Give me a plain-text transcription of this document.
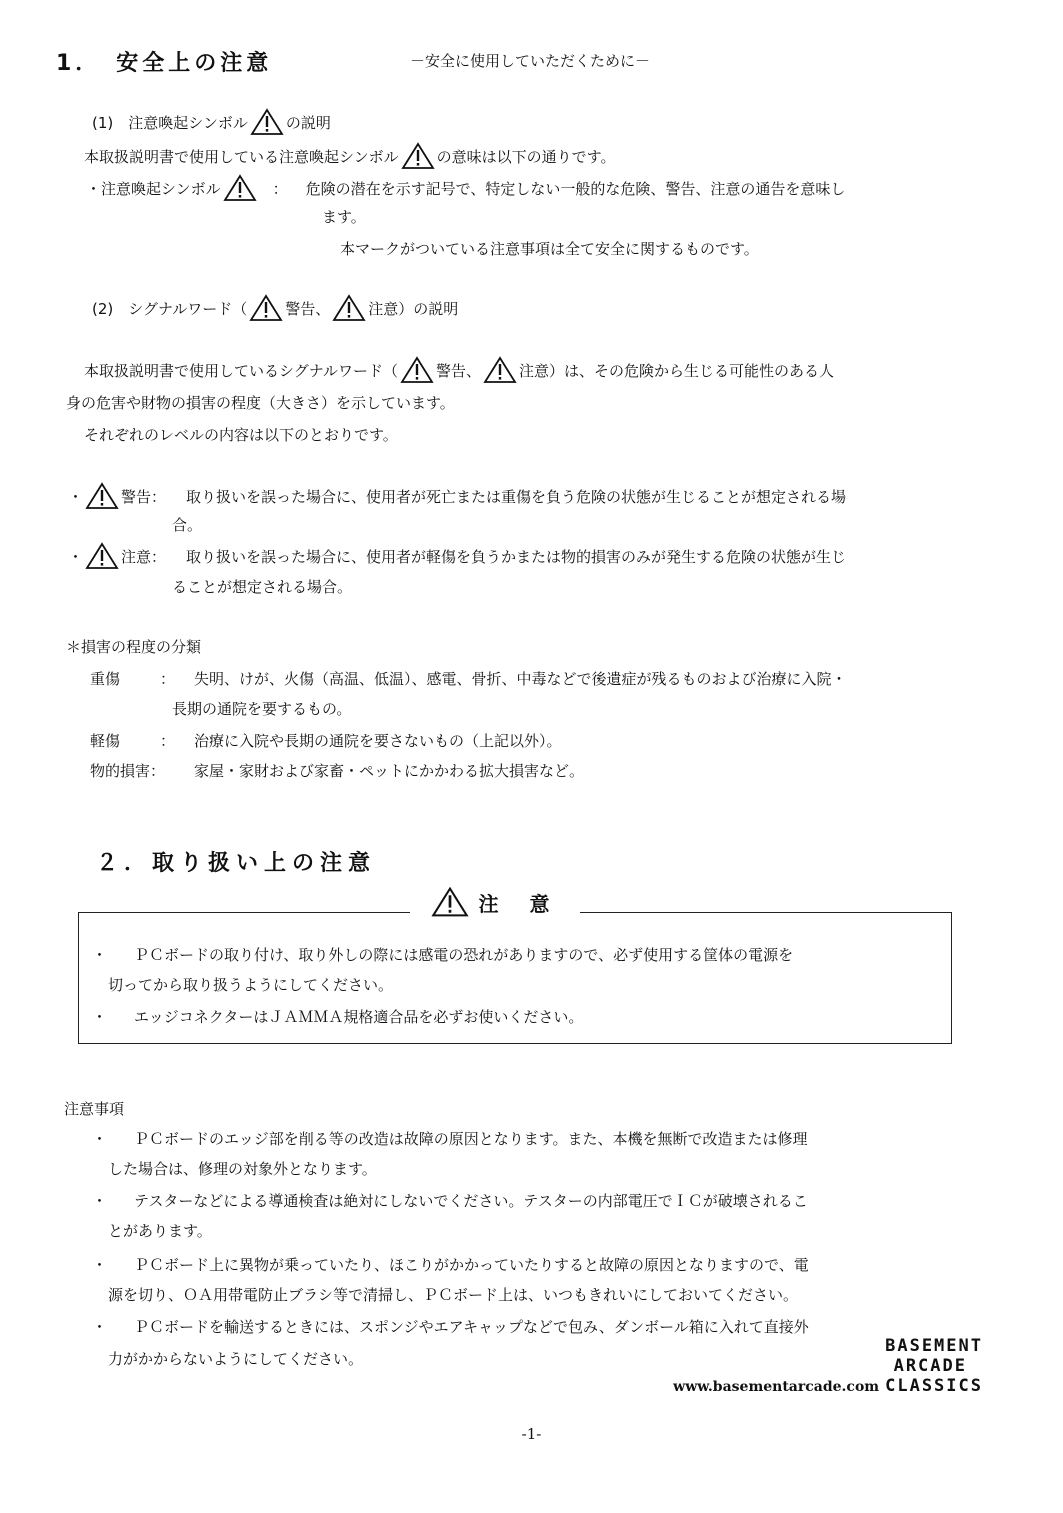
1．　安全上の注意	－安全に使用していただくために－
(1)　注意喚起シンボル	の説明
本取扱説明書で使用している注意喚起シンボル	の意味は以下の通りです。
・注意喚起シンボル	： 危険の潜在を示す記号で、特定しない一般的な危険、警告、注意の通告を意味し
ます。
本マークがついている注意事項は全て安全に関するものです。
(2)　シグナルワード（	警告、	注意）の説明
本取扱説明書で使用しているシグナルワード（	警告、	注意）は、その危険から生じる可能性のある人
身の危害や財物の損害の程度（大きさ）を示しています。
それぞれのレベルの内容は以下のとおりです。
・	警告： 取り扱いを誤った場合に、使用者が死亡または重傷を負う危険の状態が生じることが想定される場
合。
・	注意： 取り扱いを誤った場合に、使用者が軽傷を負うかまたは物的損害のみが発生する危険の状態が生じ
ることが想定される場合。
＊損害の程度の分類
重傷	： 失明、けが、火傷（高温、低温）、感電、骨折、中毒などで後遺症が残るものおよび治療に入院・
長期の通院を要するもの。
軽傷	： 治療に入院や長期の通院を要さないもの（上記以外）。
物的損害： 家屋・家財および家畜・ペットにかかわる拡大損害など。
２．取り扱い上の注意
注 意
・ ＰＣボードの取り付け、取り外しの際には感電の恐れがありますので、必ず使用する筐体の電源を
切ってから取り扱うようにしてください。
・ エッジコネクターはＪＡＭＭＡ規格適合品を必ずお使いください。
注意事項
・ ＰＣボードのエッジ部を削る等の改造は故障の原因となります。また、本機を無断で改造または修理
した場合は、修理の対象外となります。
・ テスターなどによる導通検査は絶対にしないでください。テスターの内部電圧でＩＣが破壊されるこ
とがあります。
・ ＰＣボード上に異物が乗っていたり、ほこりがかかっていたりすると故障の原因となりますので、電
源を切り、ＯＡ用帯電防止ブラシ等で清掃し、ＰＣボード上は、いつもきれいにしておいてください。
・ ＰＣボードを輸送するときには、スポンジやエアキャップなどで包み、ダンボール箱に入れて直接外
力がかからないようにしてください。
BASEMENT
ARCADE
www.basementarcade.com CLASSICS
-1-
